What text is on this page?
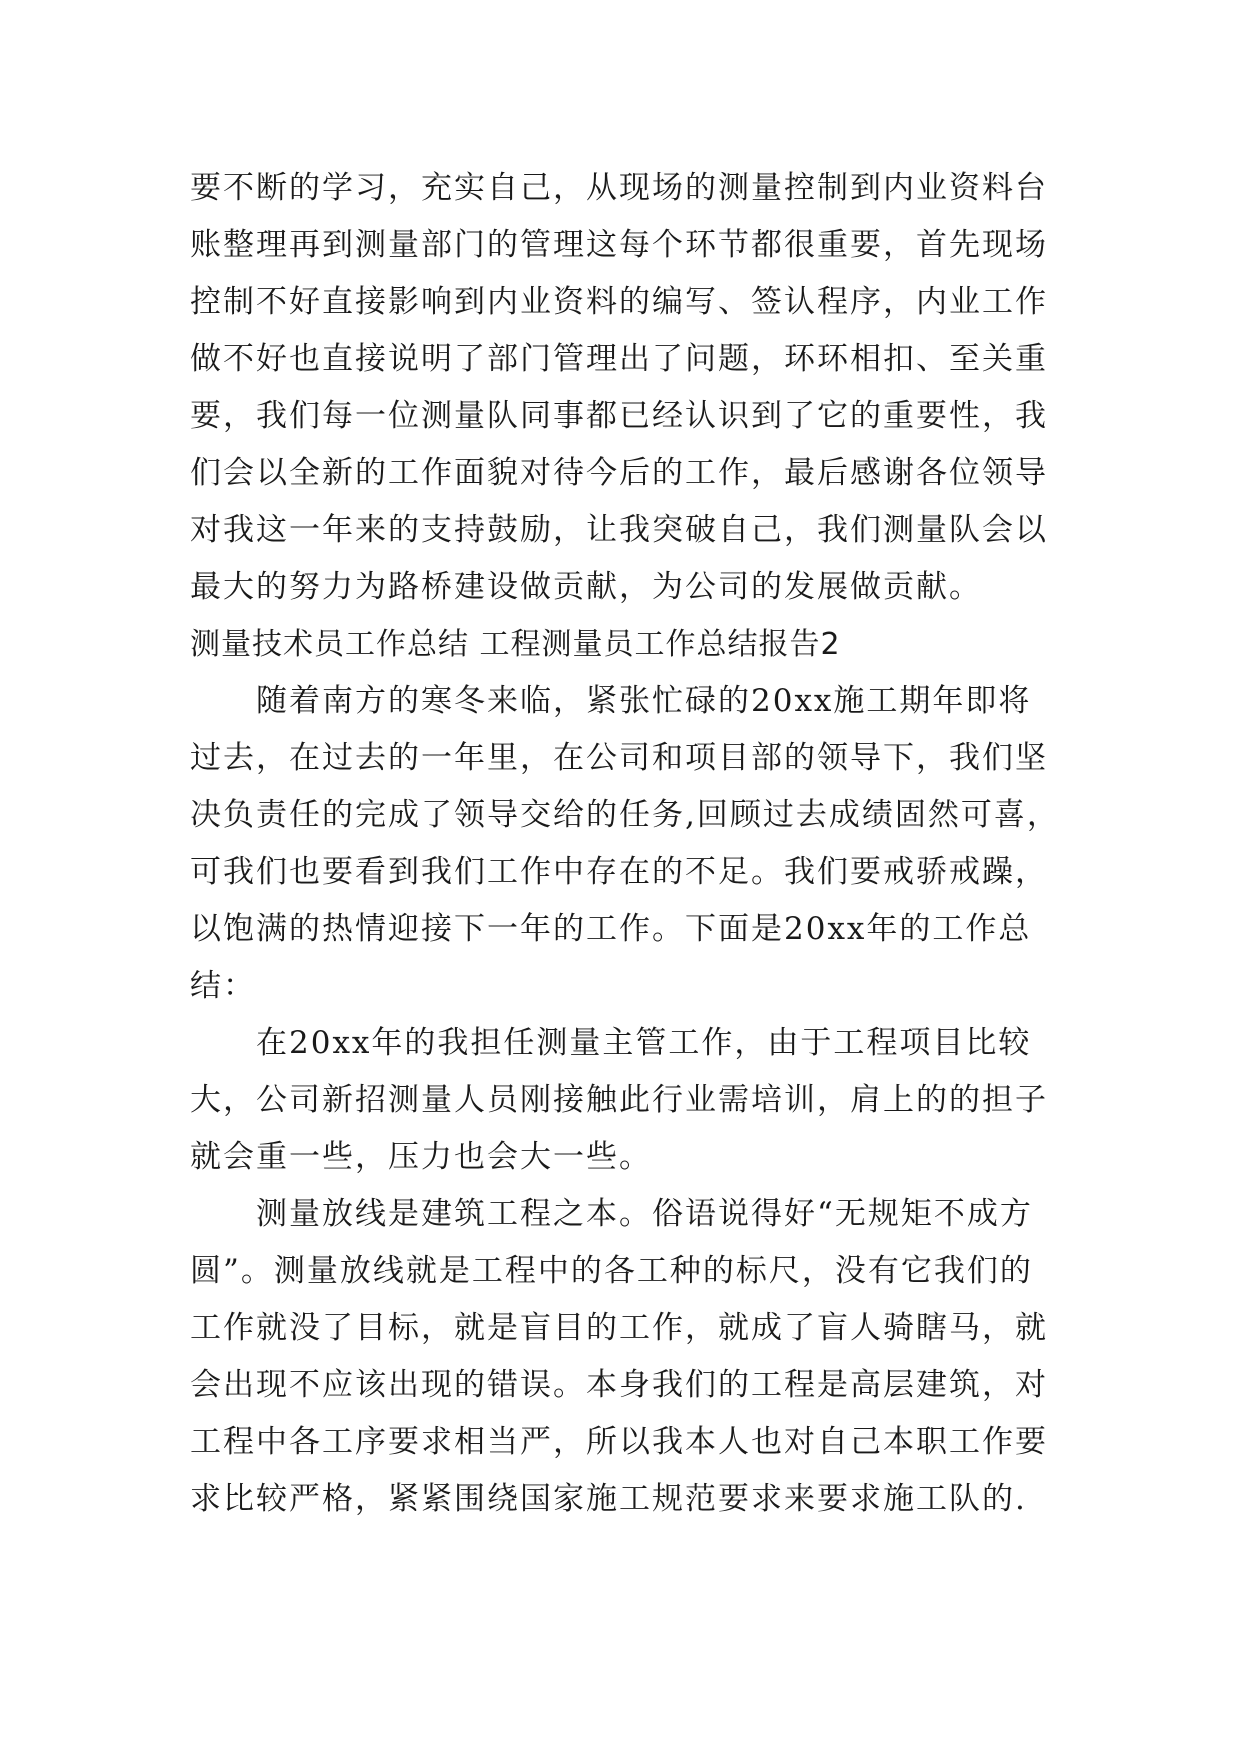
要不断的学习，充实自己，从现场的测量控制到内业资料台
账整理再到测量部门的管理这每个环节都很重要，首先现场
控制不好直接影响到内业资料的编写、签认程序，内业工作
做不好也直接说明了部门管理出了问题，环环相扣、至关重
要，我们每一位测量队同事都已经认识到了它的重要性，我
们会以全新的工作面貌对待今后的工作，最后感谢各位领导
对我这一年来的支持鼓励，让我突破自己，我们测量队会以
最大的努力为路桥建设做贡献，为公司的发展做贡献。
测量技术员工作总结 工程测量员工作总结报告2
随着南方的寒冬来临，紧张忙碌的20xx施工期年即将
过去，在过去的一年里，在公司和项目部的领导下，我们坚
决负责任的完成了领导交给的任务,回顾过去成绩固然可喜，
可我们也要看到我们工作中存在的不足。我们要戒骄戒躁，
以饱满的热情迎接下一年的工作。下面是20xx年的工作总
结：
在20xx年的我担任测量主管工作，由于工程项目比较
大，公司新招测量人员刚接触此行业需培训，肩上的的担子
就会重一些，压力也会大一些。
测量放线是建筑工程之本。俗语说得好“无规矩不成方
圆”。测量放线就是工程中的各工种的标尺，没有它我们的
工作就没了目标，就是盲目的工作，就成了盲人骑瞎马，就
会出现不应该出现的错误。本身我们的工程是高层建筑，对
工程中各工序要求相当严，所以我本人也对自己本职工作要
求比较严格，紧紧围绕国家施工规范要求来要求施工队的.
